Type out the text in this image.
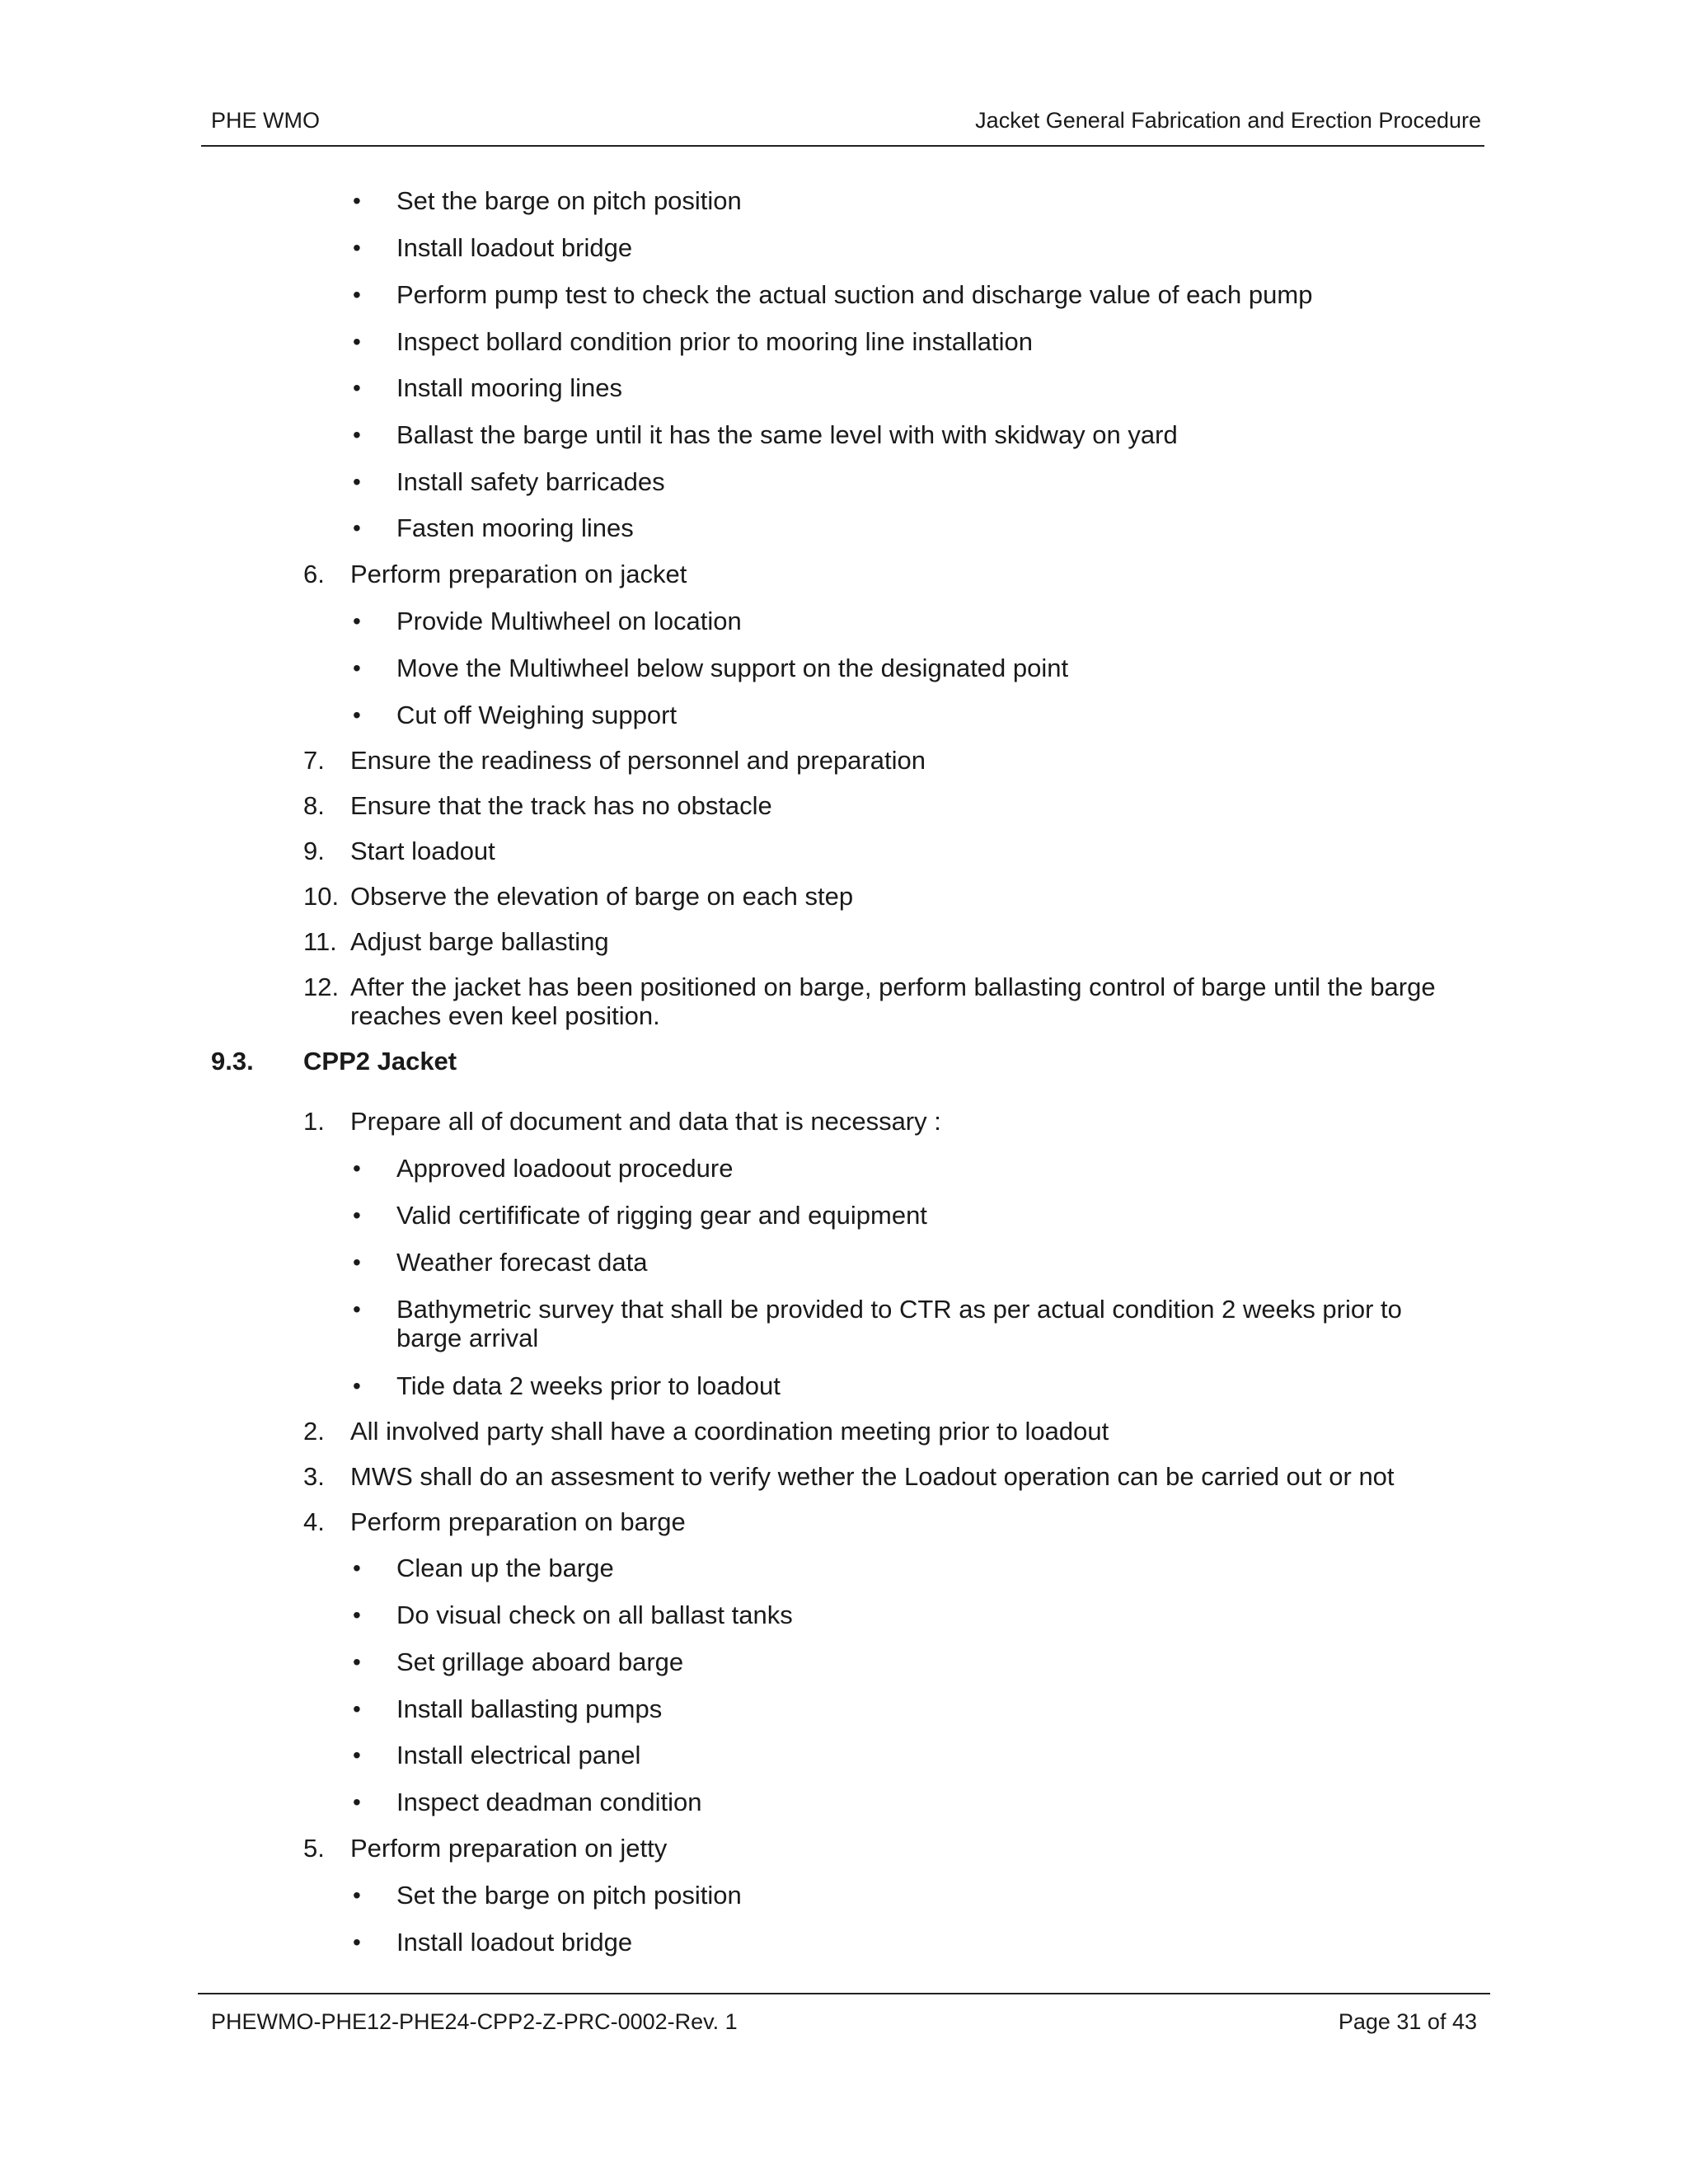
PHE WMO	Jacket General Fabrication and Erection Procedure
• Set the barge on pitch position
• Install loadout bridge
• Perform pump test to check the actual suction and discharge value of each pump
• Inspect bollard condition prior to mooring line installation
• Install mooring lines
• Ballast the barge until it has the same level with with skidway on yard
• Install safety barricades
• Fasten mooring lines
6. Perform preparation on jacket
• Provide Multiwheel on location
• Move the Multiwheel below support on the designated point
• Cut off Weighing support
7. Ensure the readiness of personnel and preparation
8. Ensure that the track has no obstacle
9. Start loadout
10. Observe the elevation of barge on each step
11. Adjust barge ballasting
12. After the jacket has been positioned on barge, perform ballasting control of barge until the barge
reaches even keel position.
9.3. CPP2 Jacket
1. Prepare all of document and data that is necessary :
• Approved loadoout procedure
• Valid certifificate of rigging gear and equipment
• Weather forecast data
• Bathymetric survey that shall be provided to CTR as per actual condition 2 weeks prior to
barge arrival
• Tide data 2 weeks prior to loadout
2. All involved party shall have a coordination meeting prior to loadout
3. MWS shall do an assesment to verify wether the Loadout operation can be carried out or not
4. Perform preparation on barge
• Clean up the barge
• Do visual check on all ballast tanks
• Set grillage aboard barge
• Install ballasting pumps
• Install electrical panel
• Inspect deadman condition
5. Perform preparation on jetty
• Set the barge on pitch position
• Install loadout bridge
PHEWMO-PHE12-PHE24-CPP2-Z-PRC-0002-Rev. 1	Page 31 of 43
